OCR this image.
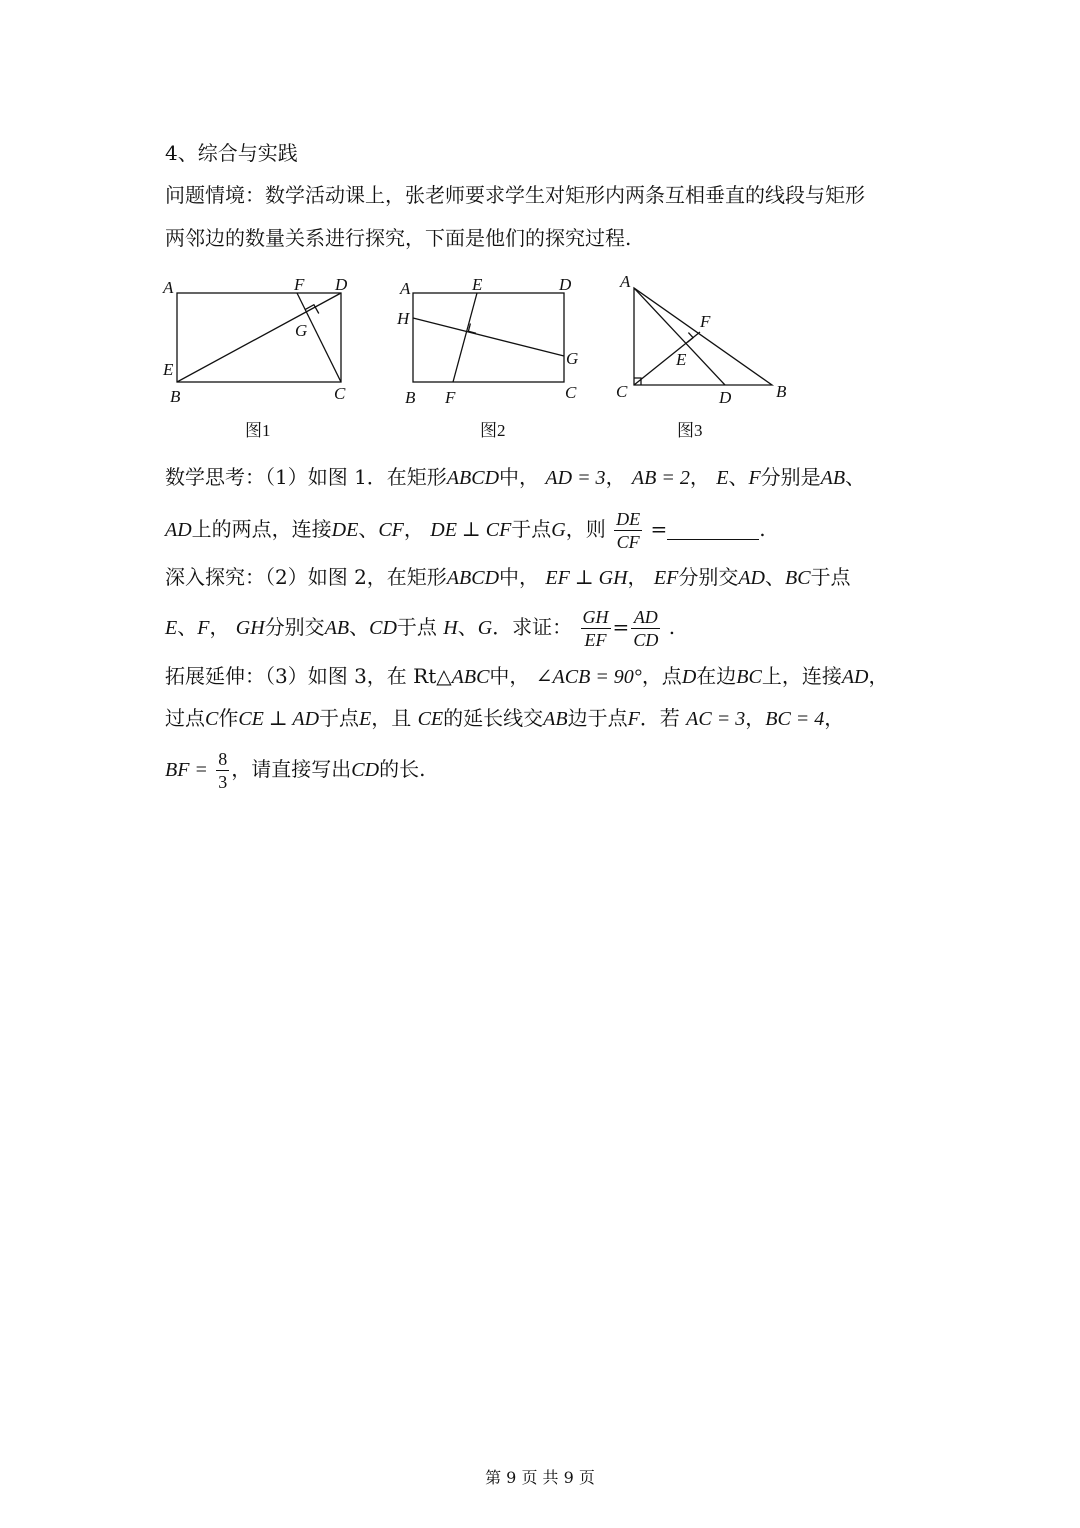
4、综合与实践
问题情境：数学活动课上，张老师要求学生对矩形内两条互相垂直的线段与矩形
两邻边的数量关系进行探究，下面是他们的探究过程.
A
B	C
D
E
F
G
图1
A
B	C
D
E
F
G
H
图2
A
B
C	D
E
F
图3
数学思考：（1）如图 1．在矩形ABCD中， AD = 3， AB = 2， E、F分别是AB、
AD上的两点，连接DE、CF， DE ⊥ CF于点G，则 $\frac{DE}{CF}$ =	.
深入探究：（2）如图 2，在矩形ABCD中， EF ⊥ GH， EF分别交AD、BC于点
E、F， GH分别交AB、CD于点 H、G．求证： $\frac{GH}{EF} = \frac{AD}{CD}$ .
拓展延伸：（3）如图 3，在 Rt△ABC中， ∠ACB = 90°，点D在边BC上，连接AD，
过点C作CE ⊥ AD于点E，且 CE的延长线交AB边于点F．若 AC = 3，BC = 4，
BF = $\frac{8}{3}$ ，请直接写出CD的长.
第 9 页 共 9 页
